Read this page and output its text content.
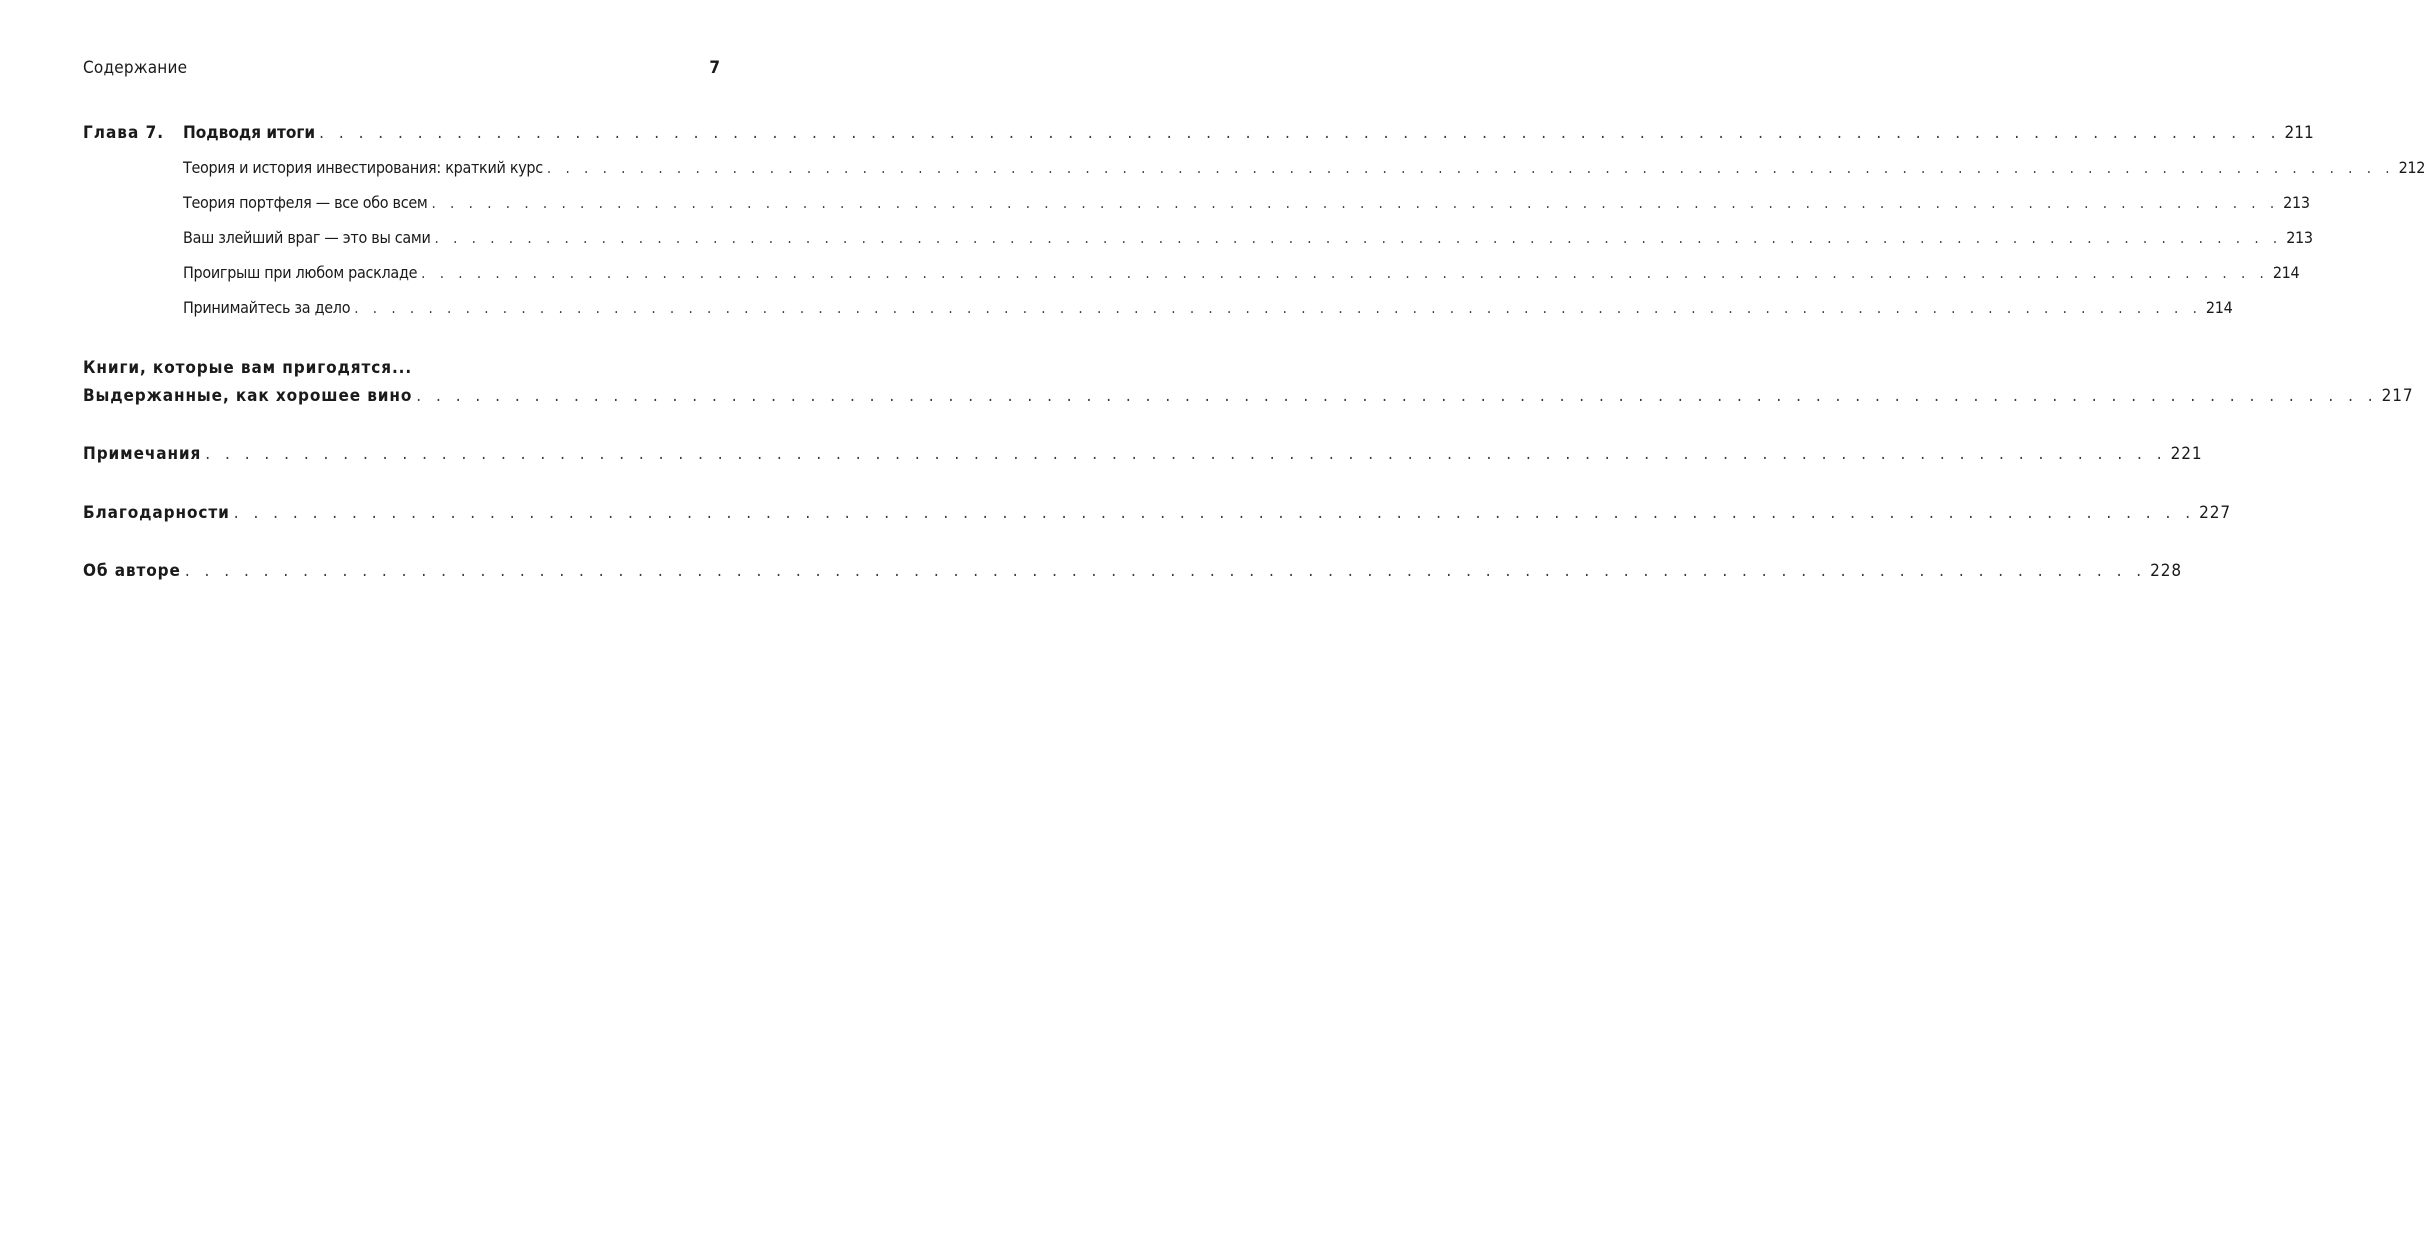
Содержание	7
Глава 7. Подводя итоги . . . . . . . . . . . . . . . . . . . . . . . . . . . . . . . . . . . . . . . . . . . . . . . . . . . . . . . . . . . . . . . . . . . . . . . . . . . . . . . . . . . . . . . . . . . . . . . . . . . . 211
Теория и история инвестирования: краткий курс . . . . . . . . . . . . . . . . . . . . . . . . . . . . . . . . . . . . . . . . . . . . . . . . . . . . . . . . . . . . . . . . . . . . . . . . . . . . . . . . . . . . . . . . . . . . . . . . . . . . 212
Теория портфеля — все обо всем . . . . . . . . . . . . . . . . . . . . . . . . . . . . . . . . . . . . . . . . . . . . . . . . . . . . . . . . . . . . . . . . . . . . . . . . . . . . . . . . . . . . . . . . . . . . . . . . . . . . 213
Ваш злейший враг — это вы сами . . . . . . . . . . . . . . . . . . . . . . . . . . . . . . . . . . . . . . . . . . . . . . . . . . . . . . . . . . . . . . . . . . . . . . . . . . . . . . . . . . . . . . . . . . . . . . . . . . . . 213
Проигрыш при любом раскладе . . . . . . . . . . . . . . . . . . . . . . . . . . . . . . . . . . . . . . . . . . . . . . . . . . . . . . . . . . . . . . . . . . . . . . . . . . . . . . . . . . . . . . . . . . . . . . . . . . . . 214
Принимайтесь за дело . . . . . . . . . . . . . . . . . . . . . . . . . . . . . . . . . . . . . . . . . . . . . . . . . . . . . . . . . . . . . . . . . . . . . . . . . . . . . . . . . . . . . . . . . . . . . . . . . . . . 214
Книги, которые вам пригодятся...
Выдержанные, как хорошее вино . . . . . . . . . . . . . . . . . . . . . . . . . . . . . . . . . . . . . . . . . . . . . . . . . . . . . . . . . . . . . . . . . . . . . . . . . . . . . . . . . . . . . . . . . . . . . . . . . . . . 217
Примечания . . . . . . . . . . . . . . . . . . . . . . . . . . . . . . . . . . . . . . . . . . . . . . . . . . . . . . . . . . . . . . . . . . . . . . . . . . . . . . . . . . . . . . . . . . . . . . . . . . . . 221
Благодарности . . . . . . . . . . . . . . . . . . . . . . . . . . . . . . . . . . . . . . . . . . . . . . . . . . . . . . . . . . . . . . . . . . . . . . . . . . . . . . . . . . . . . . . . . . . . . . . . . . . . 227
Об авторе . . . . . . . . . . . . . . . . . . . . . . . . . . . . . . . . . . . . . . . . . . . . . . . . . . . . . . . . . . . . . . . . . . . . . . . . . . . . . . . . . . . . . . . . . . . . . . . . . . . . 228
